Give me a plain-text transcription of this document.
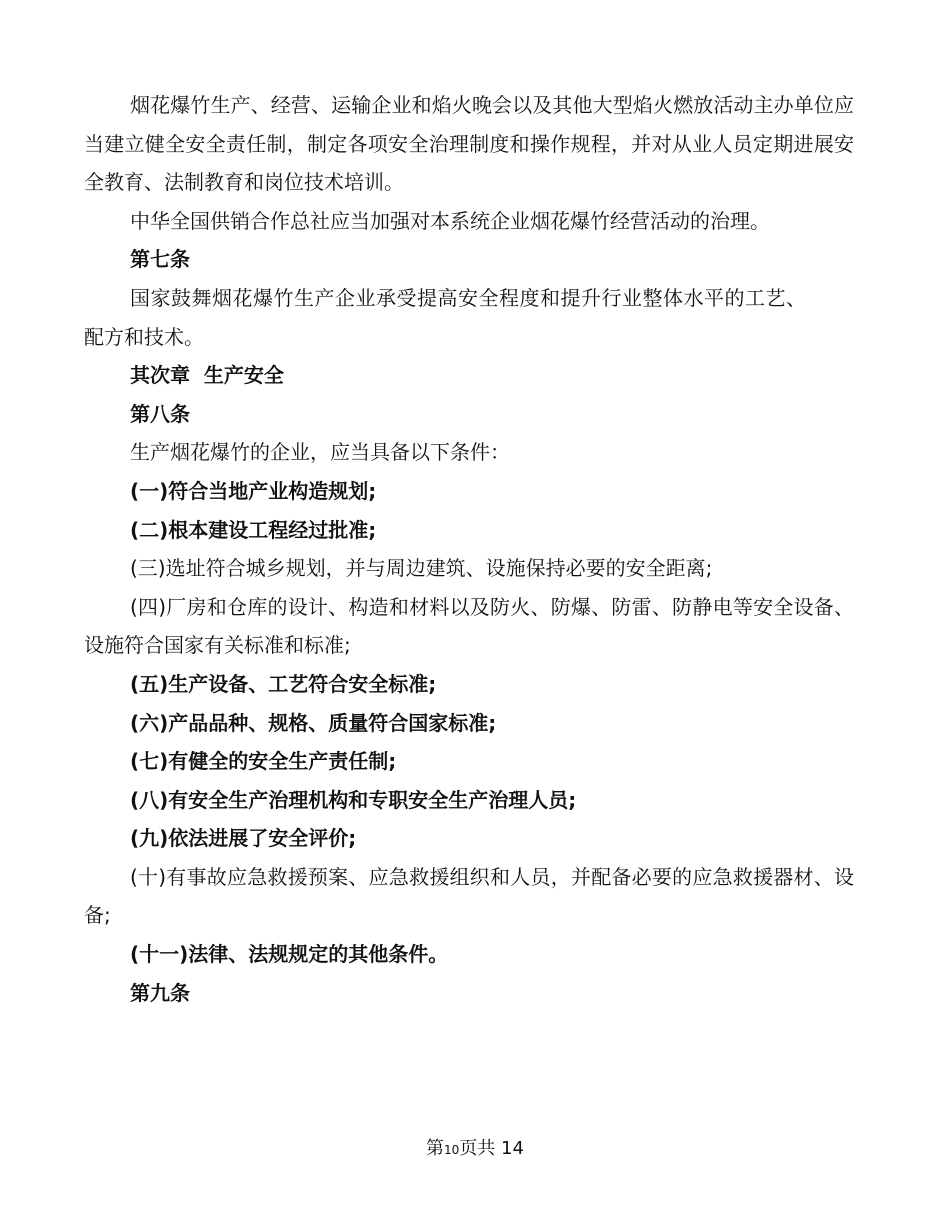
烟花爆竹生产、经营、运输企业和焰火晚会以及其他大型焰火燃放活动主办单位应当建立健全安全责任制，制定各项安全治理制度和操作规程，并对从业人员定期进展安全教育、法制教育和岗位技术培训。

中华全国供销合作总社应当加强对本系统企业烟花爆竹经营活动的治理。

第七条

国家鼓舞烟花爆竹生产企业承受提高安全程度和提升行业整体水平的工艺、配方和技术。

其次章  生产安全

第八条

生产烟花爆竹的企业，应当具备以下条件：

(一)符合当地产业构造规划;

(二)根本建设工程经过批准;

(三)选址符合城乡规划，并与周边建筑、设施保持必要的安全距离;

(四)厂房和仓库的设计、构造和材料以及防火、防爆、防雷、防静电等安全设备、设施符合国家有关标准和标准;

(五)生产设备、工艺符合安全标准;

(六)产品品种、规格、质量符合国家标准;

(七)有健全的安全生产责任制;

(八)有安全生产治理机构和专职安全生产治理人员;

(九)依法进展了安全评价;

(十)有事故应急救援预案、应急救援组织和人员，并配备必要的应急救援器材、设备;

(十一)法律、法规规定的其他条件。

第九条

第10页共 14
